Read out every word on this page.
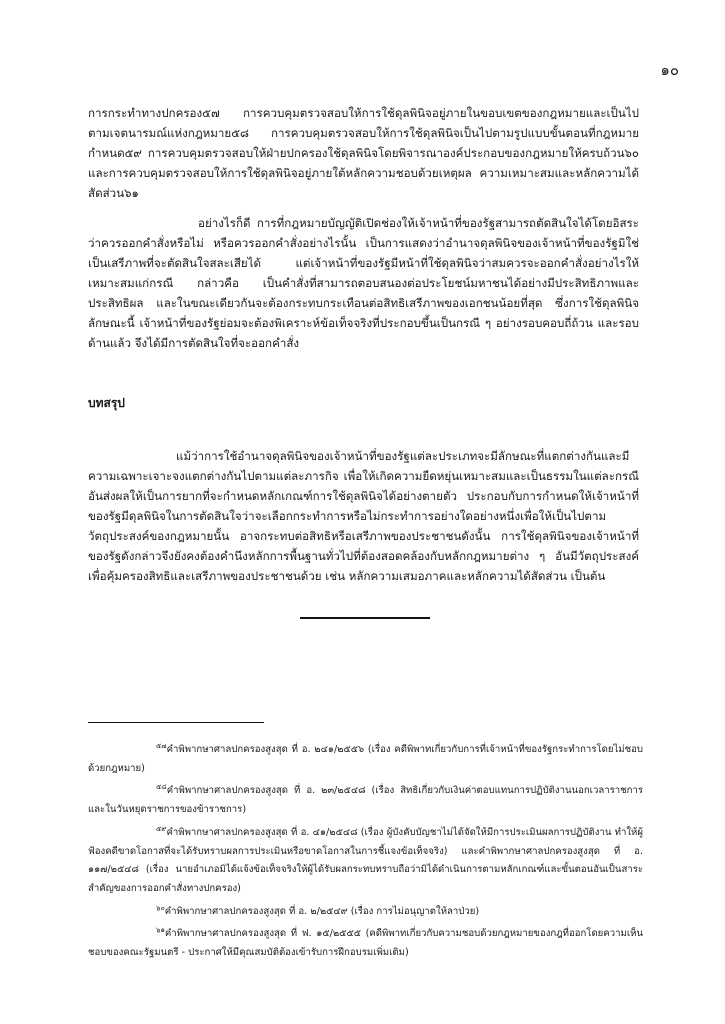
๑๐

การกระทำทางปกครอง๕๗ การควบคุมตรวจสอบให้การใช้ดุลพินิจอยู่ภายในขอบเขตของกฎหมายและเป็นไปตามเจตนารมณ์แห่งกฎหมาย๕๘ การควบคุมตรวจสอบให้การใช้ดุลพินิจเป็นไปตามรูปแบบขั้นตอนที่กฎหมายกำหนด๕๙ การควบคุมตรวจสอบให้ฝ่ายปกครองใช้ดุลพินิจโดยพิจารณาองค์ประกอบของกฎหมายให้ครบถ้วน๖๐ และการควบคุมตรวจสอบให้การใช้ดุลพินิจอยู่ภายใต้หลักความชอบด้วยเหตุผล ความเหมาะสมและหลักความได้สัดส่วน๖๑

อย่างไรก็ดี การที่กฎหมายบัญญัติเปิดช่องให้เจ้าหน้าที่ของรัฐสามารถตัดสินใจได้โดยอิสระว่าควรออกคำสั่งหรือไม่ หรือควรออกคำสั่งอย่างไรนั้น เป็นการแสดงว่าอำนาจดุลพินิจของเจ้าหน้าที่ของรัฐมิใช่เป็นเสรีภาพที่จะตัดสินใจสละเสียได้ แต่เจ้าหน้าที่ของรัฐมีหน้าที่ใช้ดุลพินิจว่าสมควรจะออกคำสั่งอย่างไรให้เหมาะสมแก่กรณี กล่าวคือ เป็นคำสั่งที่สามารถตอบสนองต่อประโยชน์มหาชนได้อย่างมีประสิทธิภาพและประสิทธิผล และในขณะเดียวกันจะต้องกระทบกระเทือนต่อสิทธิเสรีภาพของเอกชนน้อยที่สุด ซึ่งการใช้ดุลพินิจลักษณะนี้ เจ้าหน้าที่ของรัฐย่อมจะต้องพิเคราะห์ข้อเท็จจริงที่ประกอบขึ้นเป็นกรณี ๆ อย่างรอบคอบถี่ถ้วน และรอบด้านแล้ว จึงได้มีการตัดสินใจที่จะออกคำสั่ง

บทสรุป

แม้ว่าการใช้อำนาจดุลพินิจของเจ้าหน้าที่ของรัฐแต่ละประเภทจะมีลักษณะที่แตกต่างกันและมีความเฉพาะเจาะจงแตกต่างกันไปตามแต่ละภารกิจ เพื่อให้เกิดความยืดหยุ่นเหมาะสมและเป็นธรรมในแต่ละกรณี อันส่งผลให้เป็นการยากที่จะกำหนดหลักเกณฑ์การใช้ดุลพินิจได้อย่างตายตัว ประกอบกับการกำหนดให้เจ้าหน้าที่ของรัฐมีดุลพินิจในการตัดสินใจว่าจะเลือกกระทำการหรือไม่กระทำการอย่างใดอย่างหนึ่งเพื่อให้เป็นไปตามวัตถุประสงค์ของกฎหมายนั้น อาจกระทบต่อสิทธิหรือเสรีภาพของประชาชนดังนั้น การใช้ดุลพินิจของเจ้าหน้าที่ของรัฐดังกล่าวจึงยังคงต้องคำนึงหลักการพื้นฐานทั่วไปที่ต้องสอดคล้องกับหลักกฎหมายต่าง ๆ อันมีวัตถุประสงค์เพื่อคุ้มครองสิทธิและเสรีภาพของประชาชนด้วย เช่น หลักความเสมอภาคและหลักความได้สัดส่วน เป็นต้น

$^{๕๗}$คำพิพากษาศาลปกครองสูงสุด ที่ อ. ๒๔๑/๒๕๕๖ (เรื่อง คดีพิพาทเกี่ยวกับการที่เจ้าหน้าที่ของรัฐกระทำการโดยไม่ชอบด้วยกฎหมาย)
$^{๕๘}$คำพิพากษาศาลปกครองสูงสุด ที่ อ. ๒๓/๒๕๔๘ (เรื่อง สิทธิเกี่ยวกับเงินค่าตอบแทนการปฏิบัติงานนอกเวลาราชการและในวันหยุดราชการของข้าราชการ)
$^{๕๙}$คำพิพากษาศาลปกครองสูงสุด ที่ อ. ๔๑/๒๕๔๘ (เรื่อง ผู้บังคับบัญชาไม่ได้จัดให้มีการประเมินผลการปฏิบัติงาน ทำให้ผู้ฟ้องคดีขาดโอกาสที่จะได้รับทราบผลการประเมินหรือขาดโอกาสในการชี้แจงข้อเท็จจริง) และคำพิพากษาศาลปกครองสูงสุด ที่ อ. ๑๑๗/๒๕๔๘ (เรื่อง นายอำเภอมิได้แจ้งข้อเท็จจริงให้ผู้ได้รับผลกระทบทราบถือว่ามิได้ดำเนินการตามหลักเกณฑ์และขั้นตอนอันเป็นสาระสำคัญของการออกคำสั่งทางปกครอง)
$^{๖๐}$คำพิพากษาศาลปกครองสูงสุด ที่ อ. ๒/๒๕๔๙ (เรื่อง การไม่อนุญาตให้ลาป่วย)
$^{๖๑}$คำพิพากษาศาลปกครองสูงสุด ที่ ฟ. ๑๕/๒๕๕๕ (คดีพิพาทเกี่ยวกับความชอบด้วยกฎหมายของกฎที่ออกโดยความเห็นชอบของคณะรัฐมนตรี - ประกาศให้มีคุณสมบัติต้องเข้ารับการฝึกอบรมเพิ่มเติม)
